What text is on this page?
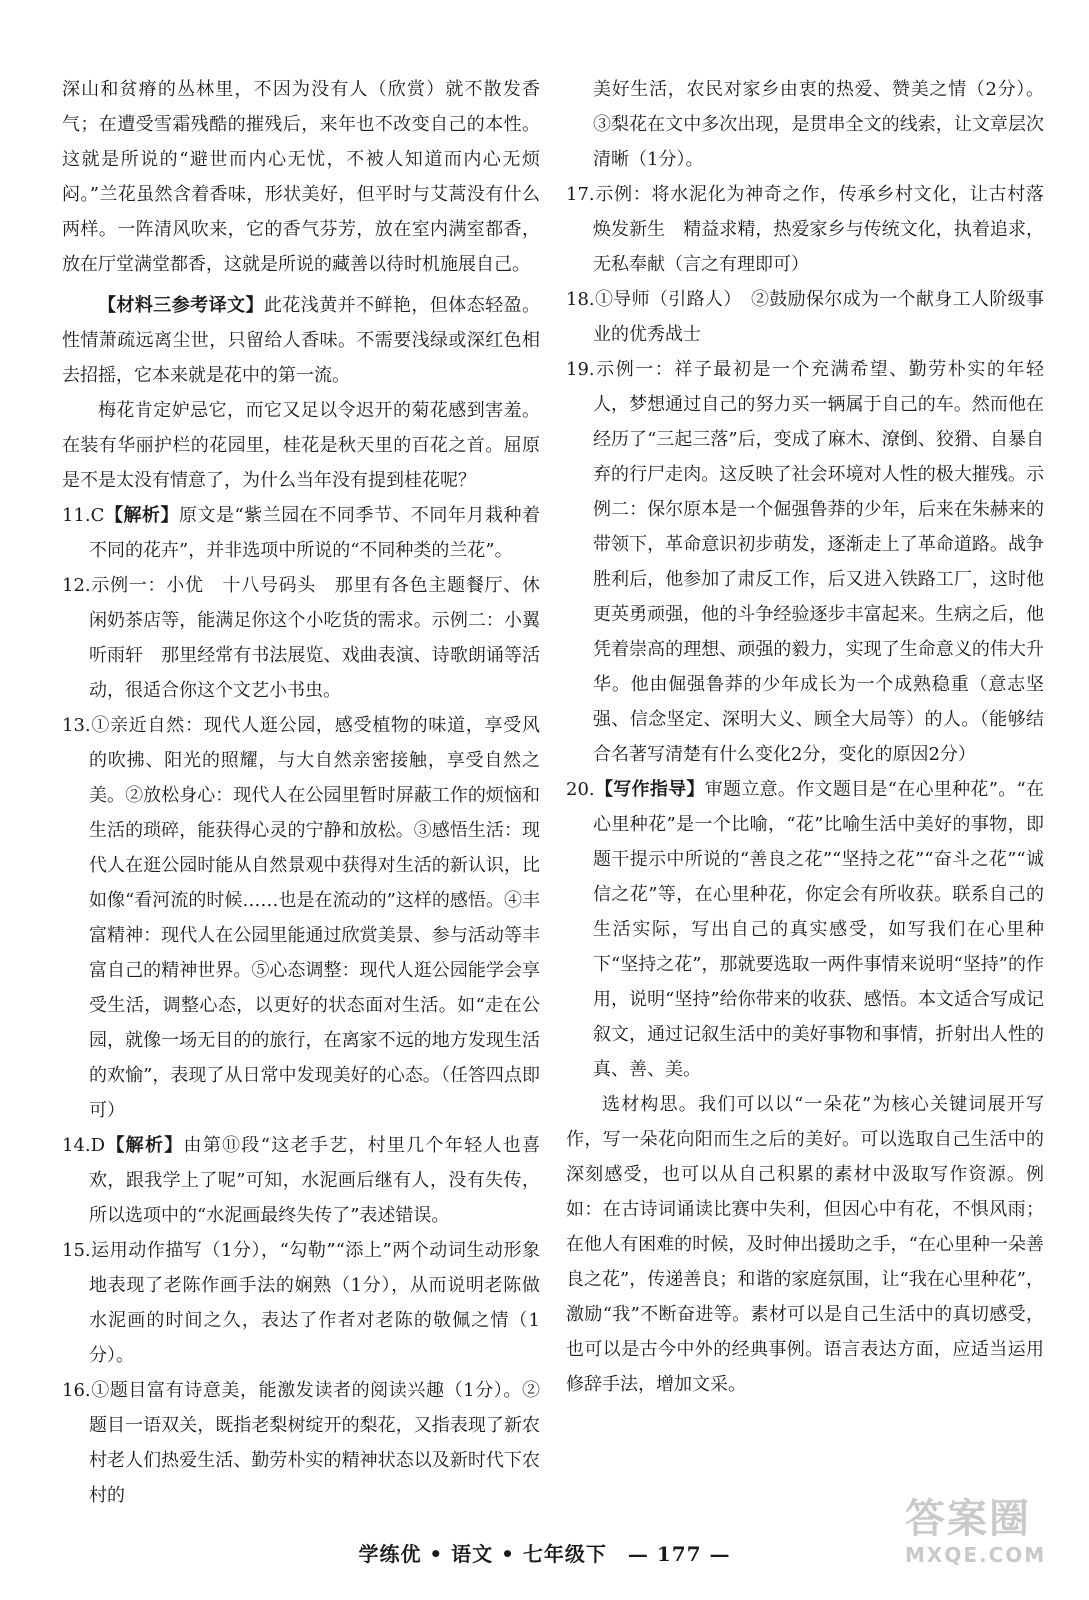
深山和贫瘠的丛林里，不因为没有人（欣赏）就不散发香气；在遭受雪霜残酷的摧残后，来年也不改变自己的本性。这就是所说的“避世而内心无忧，不被人知道而内心无烦闷。”兰花虽然含着香味，形状美好，但平时与艾蒿没有什么两样。一阵清风吹来，它的香气芬芳，放在室内满室都香，放在厅堂满堂都香，这就是所说的藏善以待时机施展自己。

【材料三参考译文】此花浅黄并不鲜艳，但体态轻盈。性情萧疏远离尘世，只留给人香味。不需要浅绿或深红色相去招摇，它本来就是花中的第一流。

梅花肯定妒忌它，而它又足以令迟开的菊花感到害羞。在装有华丽护栏的花园里，桂花是秋天里的百花之首。屈原是不是太没有情意了，为什么当年没有提到桂花呢？

11.C【解析】原文是“紫兰园在不同季节、不同年月栽种着不同的花卉”，并非选项中所说的“不同种类的兰花”。

12.示例一：小优　十八号码头　那里有各色主题餐厅、休闲奶茶店等，能满足你这个小吃货的需求。示例二：小翼　听雨轩　那里经常有书法展览、戏曲表演、诗歌朗诵等活动，很适合你这个文艺小书虫。

13.①亲近自然：现代人逛公园，感受植物的味道，享受风的吹拂、阳光的照耀，与大自然亲密接触，享受自然之美。②放松身心：现代人在公园里暂时屏蔽工作的烦恼和生活的琐碎，能获得心灵的宁静和放松。③感悟生活：现代人在逛公园时能从自然景观中获得对生活的新认识，比如像“看河流的时候……也是在流动的”这样的感悟。④丰富精神：现代人在公园里能通过欣赏美景、参与活动等丰富自己的精神世界。⑤心态调整：现代人逛公园能学会享受生活，调整心态，以更好的状态面对生活。如“走在公园，就像一场无目的的旅行，在离家不远的地方发现生活的欢愉”，表现了从日常中发现美好的心态。（任答四点即可）

14.D【解析】由第⑪段“这老手艺，村里几个年轻人也喜欢，跟我学上了呢”可知，水泥画后继有人，没有失传，所以选项中的“水泥画最终失传了”表述错误。

15.运用动作描写（1分），“勾勒”“添上”两个动词生动形象地表现了老陈作画手法的娴熟（1分），从而说明老陈做水泥画的时间之久，表达了作者对老陈的敬佩之情（1分）。

16.①题目富有诗意美，能激发读者的阅读兴趣（1分）。②题目一语双关，既指老梨树绽开的梨花，又指表现了新农村老人们热爱生活、勤劳朴实的精神状态以及新时代下农村的

美好生活，农民对家乡由衷的热爱、赞美之情（2分）。③梨花在文中多次出现，是贯串全文的线索，让文章层次清晰（1分）。

17.示例：将水泥化为神奇之作，传承乡村文化，让古村落焕发新生　精益求精，热爱家乡与传统文化，执着追求，无私奉献（言之有理即可）

18.①导师（引路人）　②鼓励保尔成为一个献身工人阶级事业的优秀战士

19.示例一：祥子最初是一个充满希望、勤劳朴实的年轻人，梦想通过自己的努力买一辆属于自己的车。然而他在经历了“三起三落”后，变成了麻木、潦倒、狡猾、自暴自弃的行尸走肉。这反映了社会环境对人性的极大摧残。示例二：保尔原本是一个倔强鲁莽的少年，后来在朱赫来的带领下，革命意识初步萌发，逐渐走上了革命道路。战争胜利后，他参加了肃反工作，后又进入铁路工厂，这时他更英勇顽强，他的斗争经验逐步丰富起来。生病之后，他凭着崇高的理想、顽强的毅力，实现了生命意义的伟大升华。他由倔强鲁莽的少年成长为一个成熟稳重（意志坚强、信念坚定、深明大义、顾全大局等）的人。（能够结合名著写清楚有什么变化2分，变化的原因2分）

20.【写作指导】审题立意。作文题目是“在心里种花”。“在心里种花”是一个比喻，“花”比喻生活中美好的事物，即题干提示中所说的“善良之花”“坚持之花”“奋斗之花”“诚信之花”等，在心里种花，你定会有所收获。联系自己的生活实际，写出自己的真实感受，如写我们在心里种下“坚持之花”，那就要选取一两件事情来说明“坚持”的作用，说明“坚持”给你带来的收获、感悟。本文适合写成记叙文，通过记叙生活中的美好事物和事情，折射出人性的真、善、美。

选材构思。我们可以以“一朵花”为核心关键词展开写作，写一朵花向阳而生之后的美好。可以选取自己生活中的深刻感受，也可以从自己积累的素材中汲取写作资源。例如：在古诗词诵读比赛中失利，但因心中有花，不惧风雨；在他人有困难的时候，及时伸出援助之手，“在心里种一朵善良之花”，传递善良；和谐的家庭氛围，让“我在心里种花”，激励“我”不断奋进等。素材可以是自己生活中的真切感受，也可以是古今中外的经典事例。语言表达方面，应适当运用修辞手法，增加文采。

学练优 • 语文 • 七年级下　— 177 —
答案圈
MXQE.COM
